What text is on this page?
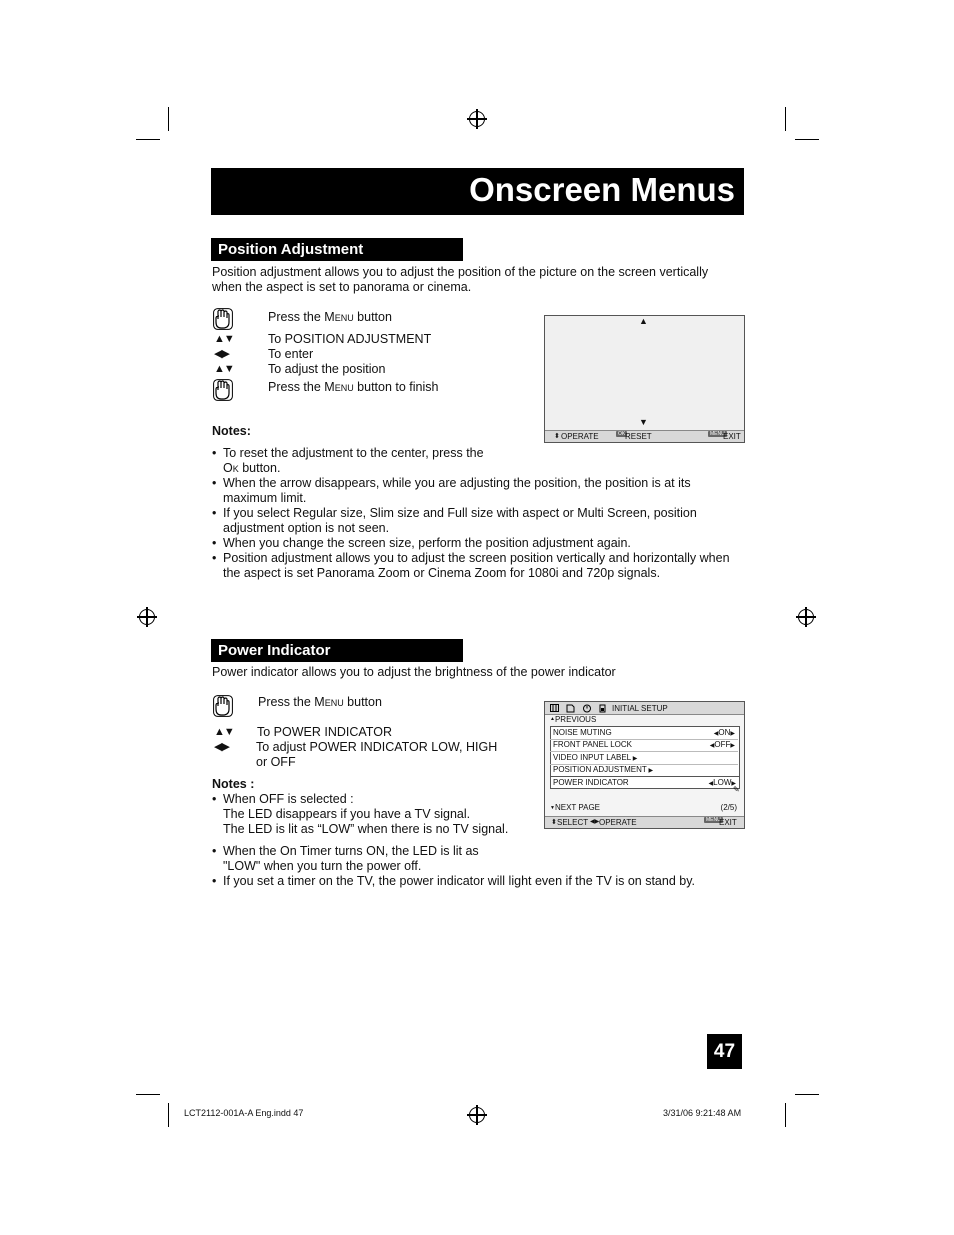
Onscreen Menus
Position Adjustment
Position adjustment allows you to adjust the position of the picture on the screen vertically when the aspect is set to panorama or cinema.
Press the Menu button
▲▼	To POSITION ADJUSTMENT
◀▶	To enter
▲▼	To adjust the position
Press the Menu button to finish
▲
▼
⬍ OPERATE	OK RESET	MENU
EXIT
Notes:
• To reset the adjustment to the center, press the
Ok button.
• When the arrow disappears, while you are adjusting the position, the position is at its maximum limit.
• If you select Regular size, Slim size and Full size with aspect or Multi Screen, position adjustment option is not seen.
• When you change the screen size, perform the position adjustment again.
• Position adjustment allows you to adjust the screen position vertically and horizontally when the aspect is set Panorama Zoom or Cinema Zoom for 1080i and 720p signals.
Power Indicator
Power indicator allows you to adjust the brightness of the power indicator
Press the Menu button
▲▼ To POWER INDICATOR
◀▶ To adjust POWER INDICATOR LOW, HIGH
or OFF
Notes :
• When OFF is selected :
The LED disappears if you have a TV signal.
The LED is lit as “LOW” when there is no TV signal.
• When the On Timer turns ON, the LED is lit as
"LOW" when you turn the power off.
• If you set a timer on the TV, the power indicator will light even if the TV is on stand by.
INITIAL SETUP
▲PREVIOUS
NOISE MUTING	◀ON▶
FRONT PANEL LOCK	◀OFF▶
VIDEO INPUT LABEL ▶
POSITION ADJUSTMENT ▶
POWER INDICATOR	◀LOW▶
✎
▼NEXT PAGE	(2/5)
⬍ SELECT ◀▶ OPERATE	MENU
EXIT
47
LCT2112-001A-A Eng.indd 47	3/31/06 9:21:48 AM
